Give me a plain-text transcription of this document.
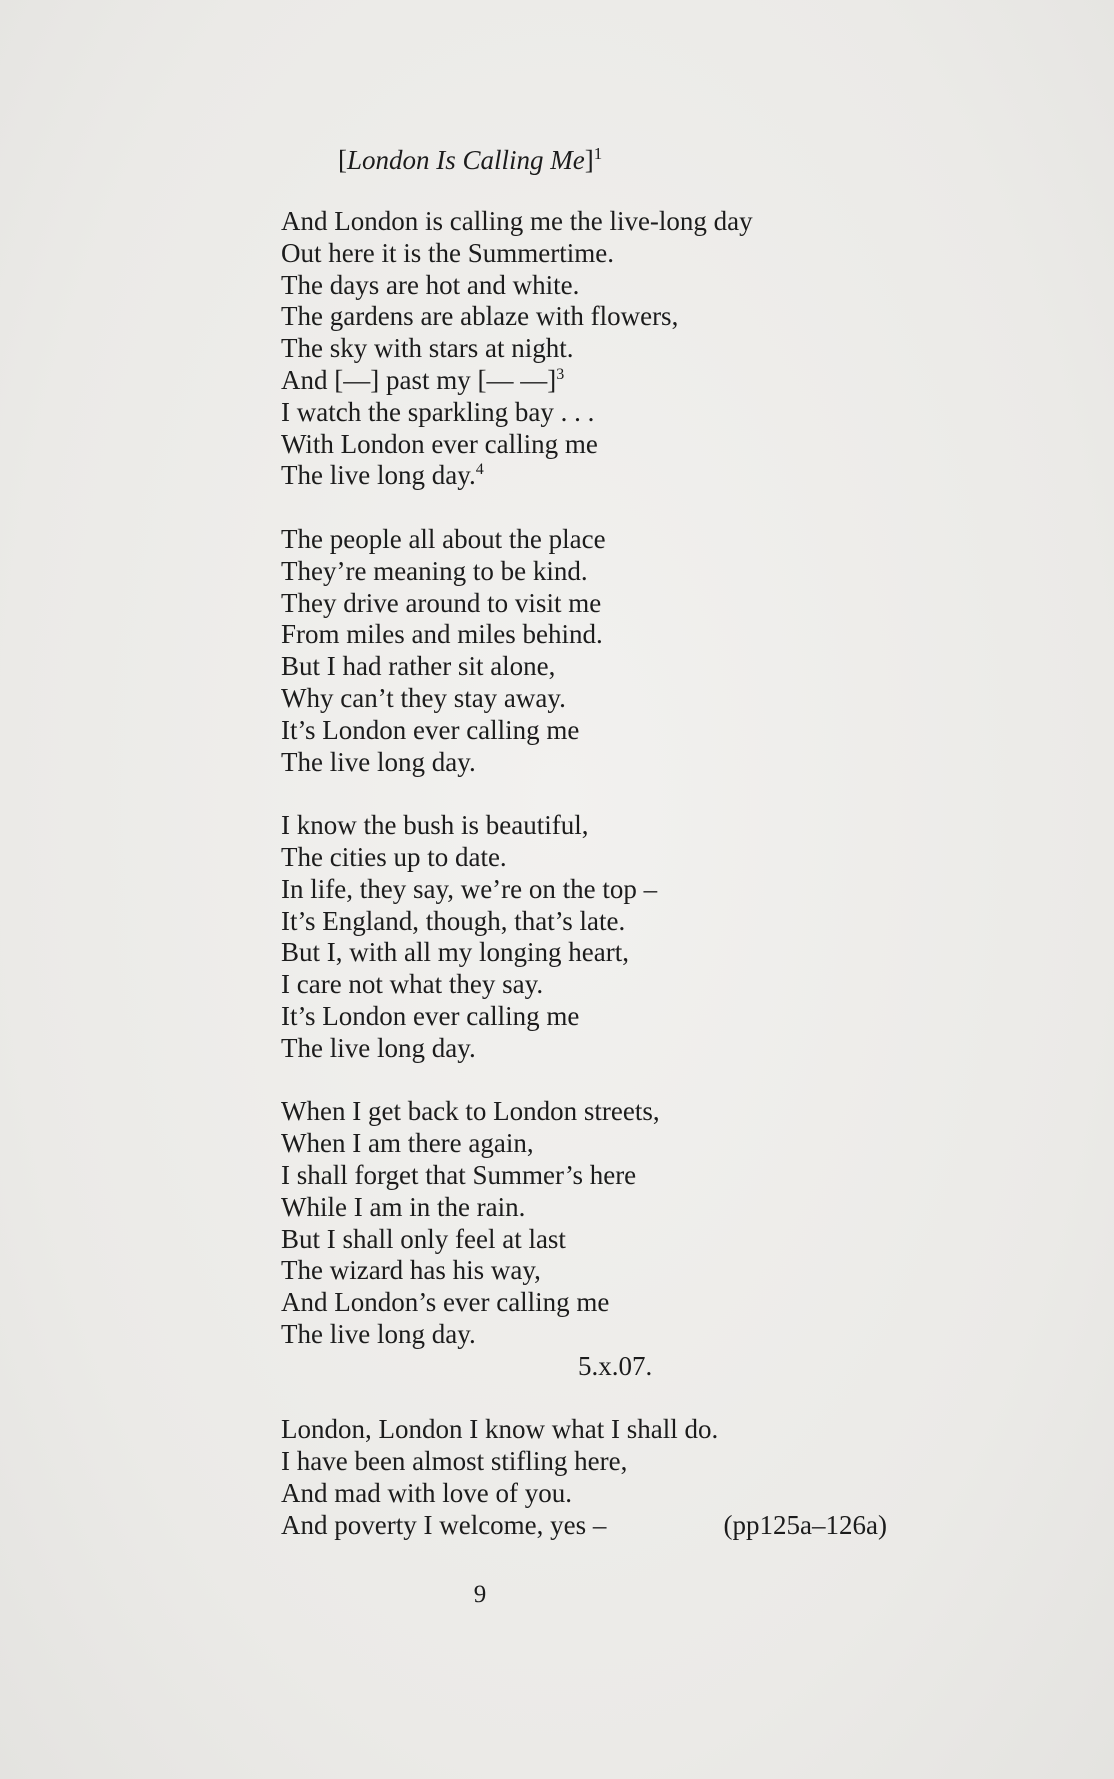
[London Is Calling Me]$^1$
And London is calling me the live-long day
Out here it is the Summertime.
The days are hot and white.
The gardens are ablaze with flowers,
The sky with stars at night.
And [—] past my [— —]$^3$
I watch the sparkling bay . . .
With London ever calling me
The live long day.$^4$
The people all about the place
They’re meaning to be kind.
They drive around to visit me
From miles and miles behind.
But I had rather sit alone,
Why can’t they stay away.
It’s London ever calling me
The live long day.
I know the bush is beautiful,
The cities up to date.
In life, they say, we’re on the top –
It’s England, though, that’s late.
But I, with all my longing heart,
I care not what they say.
It’s London ever calling me
The live long day.
When I get back to London streets,
When I am there again,
I shall forget that Summer’s here
While I am in the rain.
But I shall only feel at last
The wizard has his way,
And London’s ever calling me
The live long day.
5.x.07.
London, London I know what I shall do.
I have been almost stifling here,
And mad with love of you.
And poverty I welcome, yes –	(pp125a–126a)
9
